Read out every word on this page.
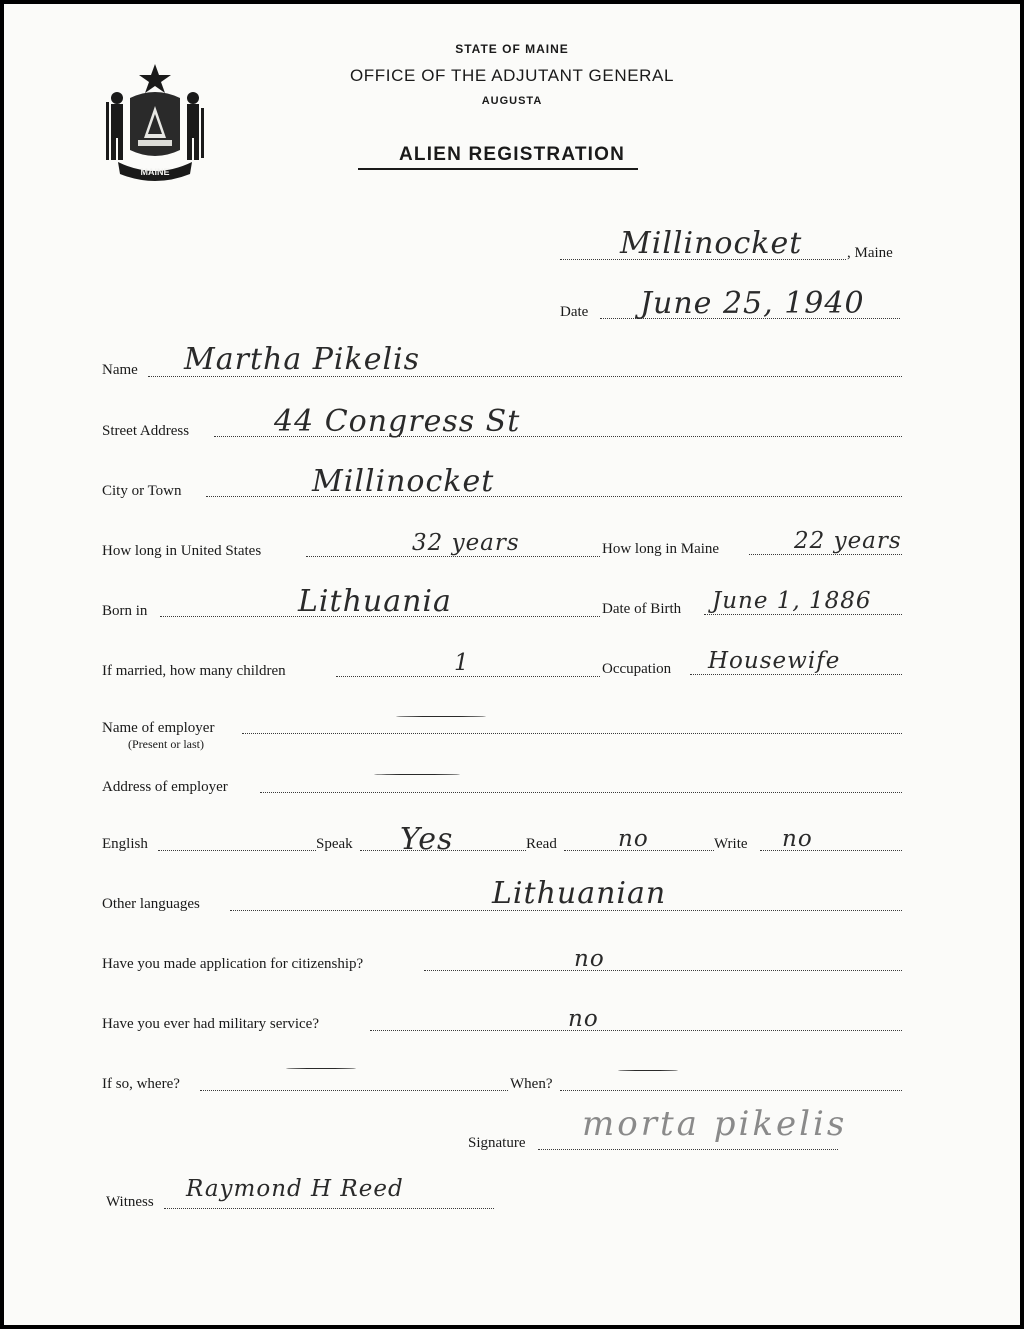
MAINE
STATE OF MAINE
OFFICE OF THE ADJUTANT GENERAL
AUGUSTA
ALIEN REGISTRATION
Millinocket	, Maine
Date June 25, 1940
Name Martha Pikelis
Street Address	44 Congress St
City or Town	Millinocket
How long in United States	32 years	How long in Maine	22 years
Born in	Lithuania	Date of Birth June 1, 1886
If married, how many children	1	Occupation Housewife
Name of employer
(Present or last)
Address of employer
English	Speak Yes	Read	no	Write no
Other languages	Lithuanian
Have you made application for citizenship?	no
Have you ever had military service?	no
If so, where?	When?
Signature morta pikelis
Witness Raymond H Reed
